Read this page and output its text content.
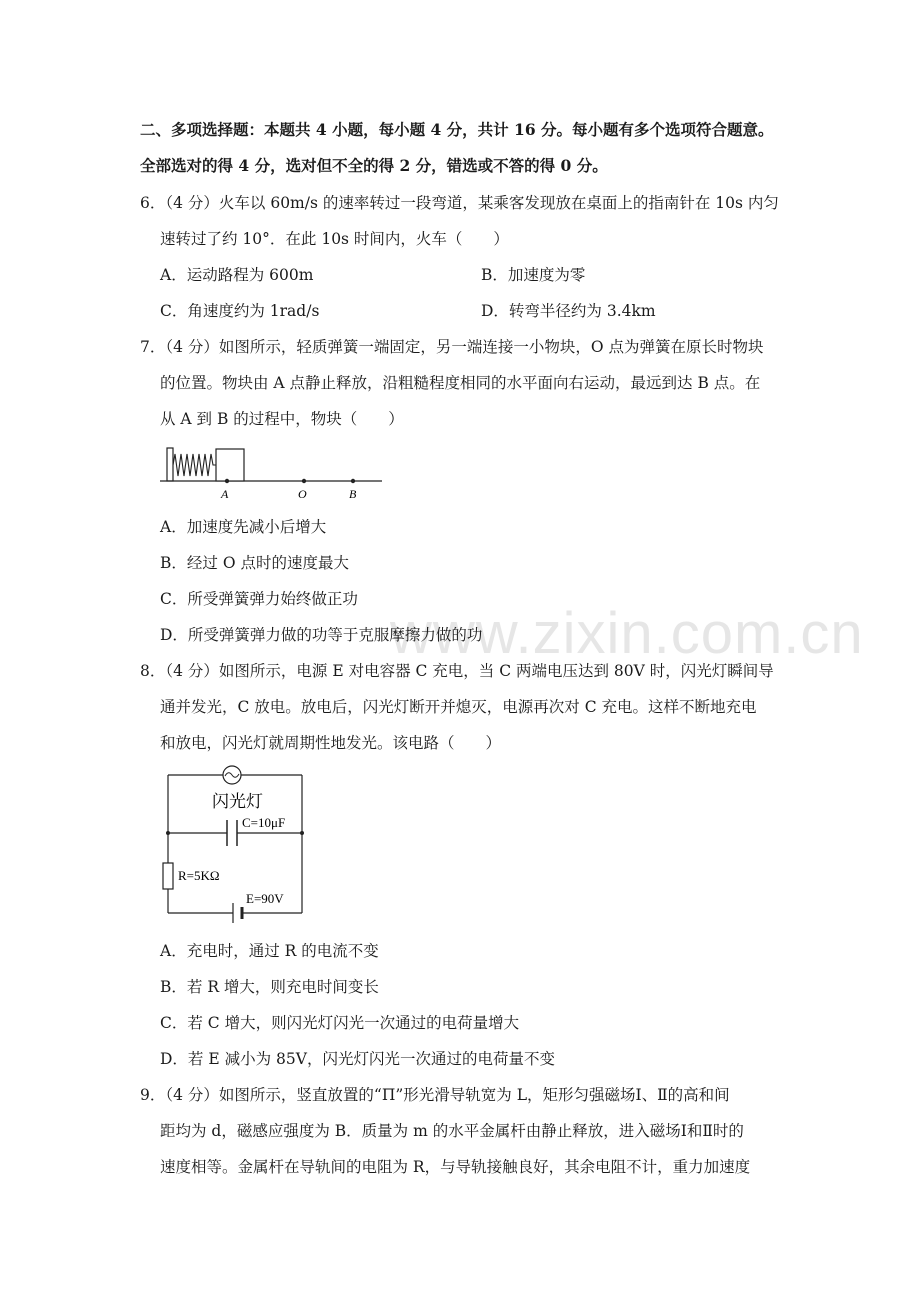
www.zixin.com.cn
二、多项选择题：本题共 4 小题，每小题 4 分，共计 16 分。每小题有多个选项符合题意。
全部选对的得 4 分，选对但不全的得 2 分，错选或不答的得 0 分。
6．（4 分）火车以 60m/s 的速率转过一段弯道，某乘客发现放在桌面上的指南针在 10s 内匀
速转过了约 10°．在此 10s 时间内，火车（　　）
A．运动路程为 600m	B．加速度为零
C．角速度约为 1rad/s	D．转弯半径约为 3.4km
7．（4 分）如图所示，轻质弹簧一端固定，另一端连接一小物块，O 点为弹簧在原长时物块
的位置。物块由 A 点静止释放，沿粗糙程度相同的水平面向右运动，最远到达 B 点。在
从 A 到 B 的过程中，物块（　　）
A	O	B
A．加速度先减小后增大
B．经过 O 点时的速度最大
C．所受弹簧弹力始终做正功
D．所受弹簧弹力做的功等于克服摩擦力做的功
8．（4 分）如图所示，电源 E 对电容器 C 充电，当 C 两端电压达到 80V 时，闪光灯瞬间导
通并发光，C 放电。放电后，闪光灯断开并熄灭，电源再次对 C 充电。这样不断地充电
和放电，闪光灯就周期性地发光。该电路（　　）
闪光灯
C=10μF
R=5KΩ
E=90V
A．充电时，通过 R 的电流不变
B．若 R 增大，则充电时间变长
C．若 C 增大，则闪光灯闪光一次通过的电荷量增大
D．若 E 减小为 85V，闪光灯闪光一次通过的电荷量不变
9．（4 分）如图所示，竖直放置的“Π”形光滑导轨宽为 L，矩形匀强磁场Ⅰ、Ⅱ的高和间
距均为 d，磁感应强度为 B．质量为 m 的水平金属杆由静止释放，进入磁场Ⅰ和Ⅱ时的
速度相等。金属杆在导轨间的电阻为 R，与导轨接触良好，其余电阻不计，重力加速度
